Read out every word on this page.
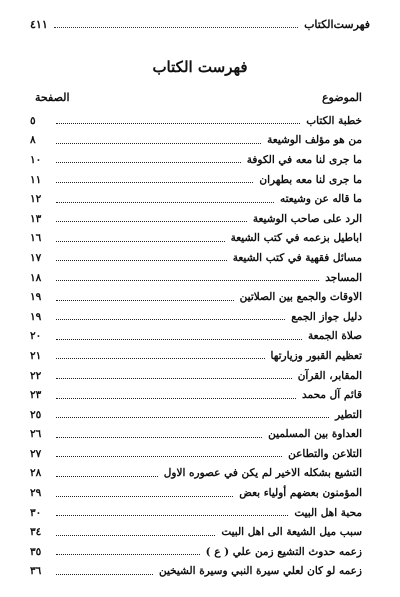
فهرست‌الكتاب
٤١١
فهرست الكتاب
الموضوع
الصفحة
خطبة الكتاب
٥
من هو مؤلف الوشيعة
٨
ما جرى لنا معه في الكوفة
١٠
ما جرى لنا معه بطهران
١١
ما قاله عن وشيعته
١٢
الرد على صاحب الوشيعة
١٣
اباطيل بزعمه في كتب الشيعة
١٦
مسائل فقهية في كتب الشيعة
١٧
المساجد
١٨
الاوقات والجمع بين الصلاتين
١٩
دليل جواز الجمع
١٩
صلاة الجمعة
٢٠
تعظيم القبور وزيارتها
٢١
المقابر، القرآن
٢٢
قائم آل محمد
٢٣
التطير
٢٥
العداوة بين المسلمين
٢٦
التلاعن والتطاعن
٢٧
التشيع بشكله الاخير لم يكن في عصوره الاول
٢٨
المؤمنون بعضهم أولياء بعض
٢٩
محبة اهل البيت
٣٠
سبب ميل الشيعة الى اهل البيت
٣٤
زعمه حدوث التشيع زمن علي ( ع )
٣٥
زعمه لو كان لعلي سيرة النبي وسيرة الشيخين
٣٦
